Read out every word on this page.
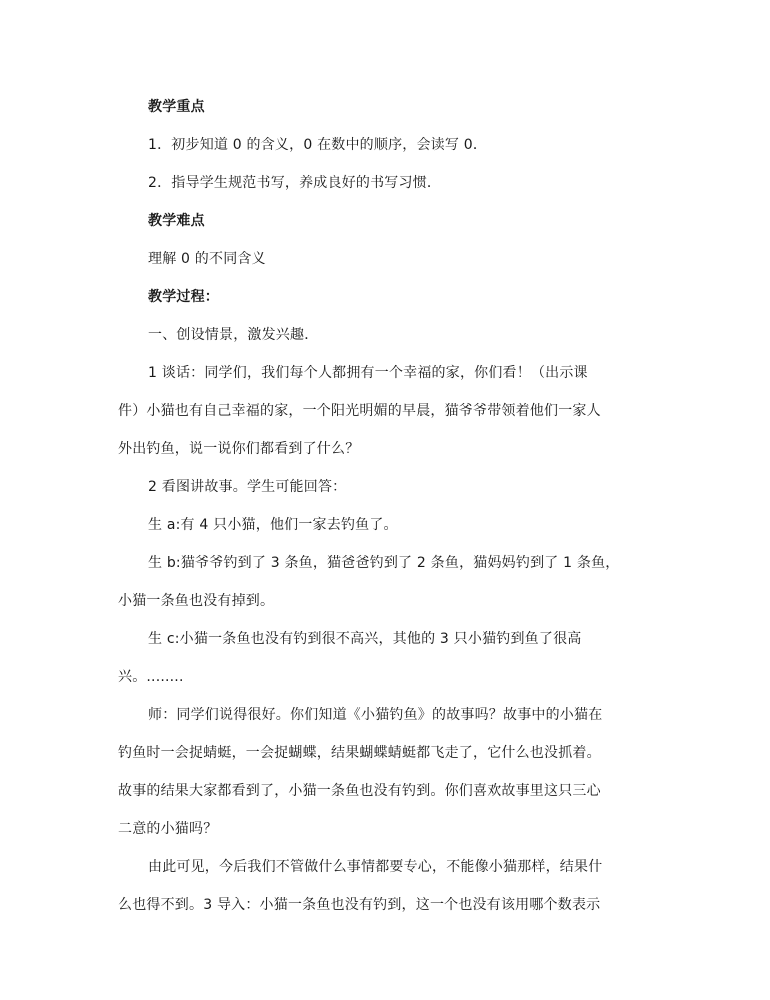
教学重点
1．初步知道 0 的含义，0 在数中的顺序，会读写 0．
2．指导学生规范书写，养成良好的书写习惯．
教学难点
理解 0 的不同含义
教学过程：
一、创设情景，激发兴趣．
1 谈话：同学们，我们每个人都拥有一个幸福的家，你们看！（出示课
件）小猫也有自己幸福的家，一个阳光明媚的早晨，猫爷爷带领着他们一家人
外出钓鱼，说一说你们都看到了什么？
2 看图讲故事。学生可能回答：
生 a:有 4 只小猫，他们一家去钓鱼了。
生 b:猫爷爷钓到了 3 条鱼，猫爸爸钓到了 2 条鱼，猫妈妈钓到了 1 条鱼，
小猫一条鱼也没有掉到。
生 c:小猫一条鱼也没有钓到很不高兴，其他的 3 只小猫钓到鱼了很高
兴。........
师：同学们说得很好。你们知道《小猫钓鱼》的故事吗？故事中的小猫在
钓鱼时一会捉蜻蜓，一会捉蝴蝶，结果蝴蝶蜻蜓都飞走了，它什么也没抓着。
故事的结果大家都看到了，小猫一条鱼也没有钓到。你们喜欢故事里这只三心
二意的小猫吗？
由此可见，今后我们不管做什么事情都要专心，不能像小猫那样，结果什
么也得不到。3 导入：小猫一条鱼也没有钓到，这一个也没有该用哪个数表示
